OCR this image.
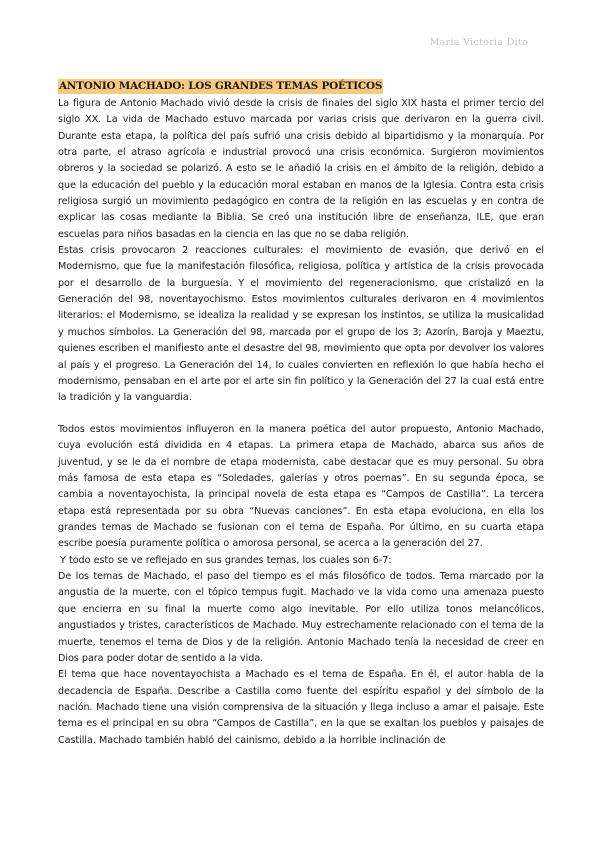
María Victoria Dito
ANTONIO MACHADO: LOS GRANDES TEMAS POÉTICOS

La figura de Antonio Machado vivió desde la crisis de finales del siglo XIX hasta el primer tercio del siglo XX. La vida de Machado estuvo marcada por varias crisis que derivaron en la guerra civil. Durante esta etapa, la política del país sufrió una crisis debido al bipartidismo y la monarquía. Por otra parte, el atraso agrícola e industrial provocó una crisis económica. Surgieron movimientos obreros y la sociedad se polarizó. A esto se le añadió la crisis en el ámbito de la religión, debido a que la educación del pueblo y la educación moral estaban en manos de la Iglesia. Contra esta crisis religiosa surgió un movimiento pedagógico en contra de la religión en las escuelas y en contra de explicar las cosas mediante la Biblia. Se creó una institución libre de enseñanza, ILE, que eran escuelas para niños basadas en la ciencia en las que no se daba religión.

Estas crisis provocaron 2 reacciones culturales: el movimiento de evasión, que derivó en el Modernismo, que fue la manifestación filosófica, religiosa, política y artística de la crisis provocada por el desarrollo de la burguesía. Y el movimiento del regeneracionismo, que cristalizó en la Generación del 98, noventayochismo. Estos movimientos culturales derivaron en 4 movimientos literarios: el Modernismo, se idealiza la realidad y se expresan los instintos, se utiliza la musicalidad y muchos símbolos. La Generación del 98, marcada por el grupo de los 3; Azorín, Baroja y Maeztu, quienes escriben el manifiesto ante el desastre del 98, movimiento que opta por devolver los valores al país y el progreso. La Generación del 14, lo cuales convierten en reflexión lo que había hecho el modernismo, pensaban en el arte por el arte sin fin político y la Generación del 27 la cual está entre la tradición y la vanguardia.

Todos estos movimientos influyeron en la manera poética del autor propuesto, Antonio Machado, cuya evolución está dividida en 4 etapas. La primera etapa de Machado, abarca sus años de juventud, y se le da el nombre de etapa modernista, cabe destacar que es muy personal. Su obra más famosa de esta etapa es “Soledades, galerías y otros poemas”. En su segunda época, se cambia a noventayochista, la principal novela de esta etapa es “Campos de Castilla”. La tercera etapa está representada por su obra “Nuevas canciones”. En esta etapa evoluciona, en ella los grandes temas de Machado se fusionan con el tema de España. Por último, en su cuarta etapa escribe poesía puramente política o amorosa personal, se acerca a la generación del 27.

Y todo esto se ve reflejado en sus grandes temas, los cuales son 6-7:

De los temas de Machado, el paso del tiempo es el más filosófico de todos. Tema marcado por la angustia de la muerte, con el tópico tempus fugit. Machado ve la vida como una amenaza puesto que encierra en su final la muerte como algo inevitable. Por ello utiliza tonos melancólicos, angustiados y tristes, característicos de Machado. Muy estrechamente relacionado con el tema de la muerte, tenemos el tema de Dios y de la religión. Antonio Machado tenía la necesidad de creer en Dios para poder dotar de sentido a la vida.

El tema que hace noventayochista a Machado es el tema de España. En él, el autor habla de la decadencia de España. Describe a Castilla como fuente del espíritu español y del símbolo de la nación. Machado tiene una visión comprensiva de la situación y llega incluso a amar el paisaje. Este tema es el principal en su obra “Campos de Castilla”, en la que se exaltan los pueblos y paisajes de Castilla. Machado también habló del cainismo, debido a la horrible inclinación de
